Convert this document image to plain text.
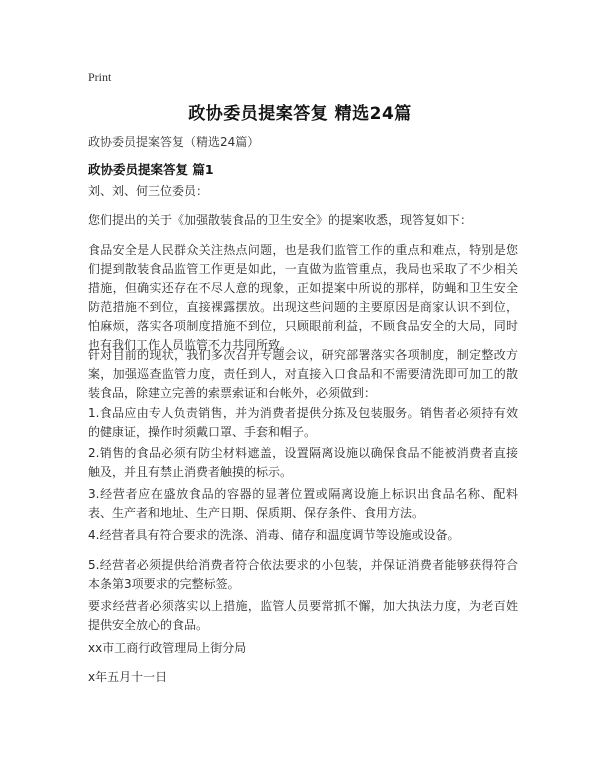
Print
政协委员提案答复 精选24篇
政协委员提案答复（精选24篇）
政协委员提案答复 篇1
刘、刘、何三位委员：
您们提出的关于《加强散装食品的卫生安全》的提案收悉，现答复如下：
食品安全是人民群众关注热点问题，也是我们监管工作的重点和难点，特别是您们提到散装食品监管工作更是如此，一直做为监管重点，我局也采取了不少相关措施，但确实还存在不尽人意的现象，正如提案中所说的那样，防蝇和卫生安全防范措施不到位，直接裸露摆放。出现这些问题的主要原因是商家认识不到位，怕麻烦，落实各项制度措施不到位，只顾眼前利益，不顾食品安全的大局，同时也有我们工作人员监管不力共同所致。
针对目前的现状，我们多次召开专题会议，研究部署落实各项制度，制定整改方案，加强巡查监管力度，责任到人，对直接入口食品和不需要清洗即可加工的散装食品，除建立完善的索票索证和台帐外，必须做到：
1.食品应由专人负责销售，并为消费者提供分拣及包装服务。销售者必须持有效的健康证，操作时须戴口罩、手套和帽子。
2.销售的食品必须有防尘材料遮盖，设置隔离设施以确保食品不能被消费者直接触及，并且有禁止消费者触摸的标示。
3.经营者应在盛放食品的容器的显著位置或隔离设施上标识出食品名称、配料表、生产者和地址、生产日期、保质期、保存条件、食用方法。
4.经营者具有符合要求的洗涤、消毒、储存和温度调节等设施或设备。
5.经营者必须提供给消费者符合依法要求的小包装，并保证消费者能够获得符合本条第3项要求的完整标签。
要求经营者必须落实以上措施，监管人员要常抓不懈，加大执法力度，为老百姓提供安全放心的食品。
xx市工商行政管理局上街分局
x年五月十一日
